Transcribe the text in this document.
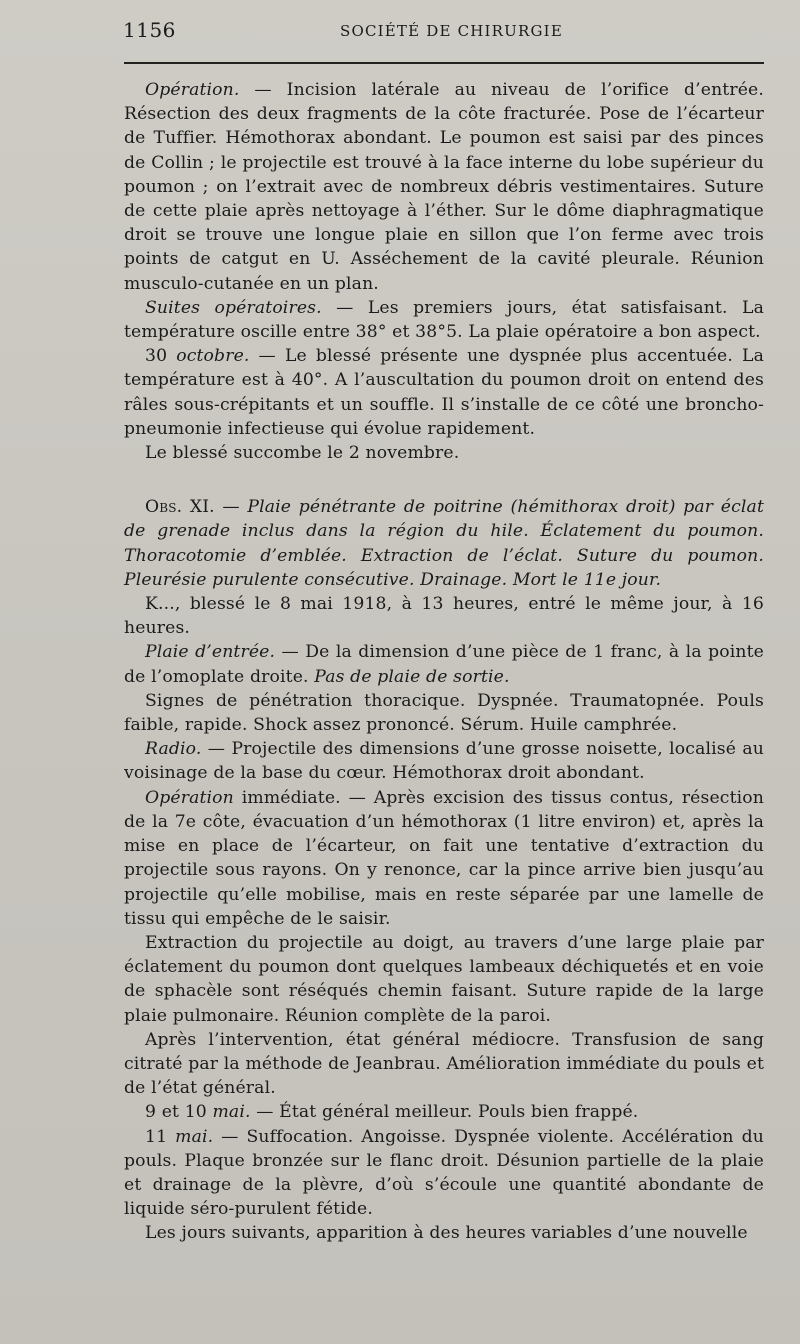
1156	SOCIÉTÉ DE CHIRURGIE

Opération. — Incision latérale au niveau de l’orifice d’entrée. Résection des deux fragments de la côte fracturée. Pose de l’écarteur de Tuffier. Hémothorax abondant. Le poumon est saisi par des pinces de Collin ; le projectile est trouvé à la face interne du lobe supérieur du poumon ; on l’extrait avec de nombreux débris vestimentaires. Suture de cette plaie après nettoyage à l’éther. Sur le dôme diaphragmatique droit se trouve une longue plaie en sillon que l’on ferme avec trois points de catgut en U. Asséchement de la cavité pleurale. Réunion musculo-cutanée en un plan.

Suites opératoires. — Les premiers jours, état satisfaisant. La température oscille entre 38° et 38°5. La plaie opératoire a bon aspect.

30 octobre. — Le blessé présente une dyspnée plus accentuée. La température est à 40°. A l’auscultation du poumon droit on entend des râles sous-crépitants et un souffle. Il s’installe de ce côté une broncho-pneumonie infectieuse qui évolue rapidement.

Le blessé succombe le 2 novembre.

Obs. XI. — Plaie pénétrante de poitrine (hémithorax droit) par éclat de grenade inclus dans la région du hile. Éclatement du poumon. Thoracotomie d’emblée. Extraction de l’éclat. Suture du poumon. Pleurésie purulente consécutive. Drainage. Mort le 11e jour.

K..., blessé le 8 mai 1918, à 13 heures, entré le même jour, à 16 heures.

Plaie d’entrée. — De la dimension d’une pièce de 1 franc, à la pointe de l’omoplate droite. Pas de plaie de sortie.

Signes de pénétration thoracique. Dyspnée. Traumatopnée. Pouls faible, rapide. Shock assez prononcé. Sérum. Huile camphrée.

Radio. — Projectile des dimensions d’une grosse noisette, localisé au voisinage de la base du cœur. Hémothorax droit abondant.

Opération immédiate. — Après excision des tissus contus, résection de la 7e côte, évacuation d’un hémothorax (1 litre environ) et, après la mise en place de l’écarteur, on fait une tentative d’extraction du projectile sous rayons. On y renonce, car la pince arrive bien jusqu’au projectile qu’elle mobilise, mais en reste séparée par une lamelle de tissu qui empêche de le saisir.

Extraction du projectile au doigt, au travers d’une large plaie par éclatement du poumon dont quelques lambeaux déchiquetés et en voie de sphacèle sont réséqués chemin faisant. Suture rapide de la large plaie pulmonaire. Réunion complète de la paroi.

Après l’intervention, état général médiocre. Transfusion de sang citraté par la méthode de Jeanbrau. Amélioration immédiate du pouls et de l’état général.

9 et 10 mai. — État général meilleur. Pouls bien frappé.

11 mai. — Suffocation. Angoisse. Dyspnée violente. Accélération du pouls. Plaque bronzée sur le flanc droit. Désunion partielle de la plaie et drainage de la plèvre, d’où s’écoule une quantité abondante de liquide séro-purulent fétide.

Les jours suivants, apparition à des heures variables d’une nouvelle
